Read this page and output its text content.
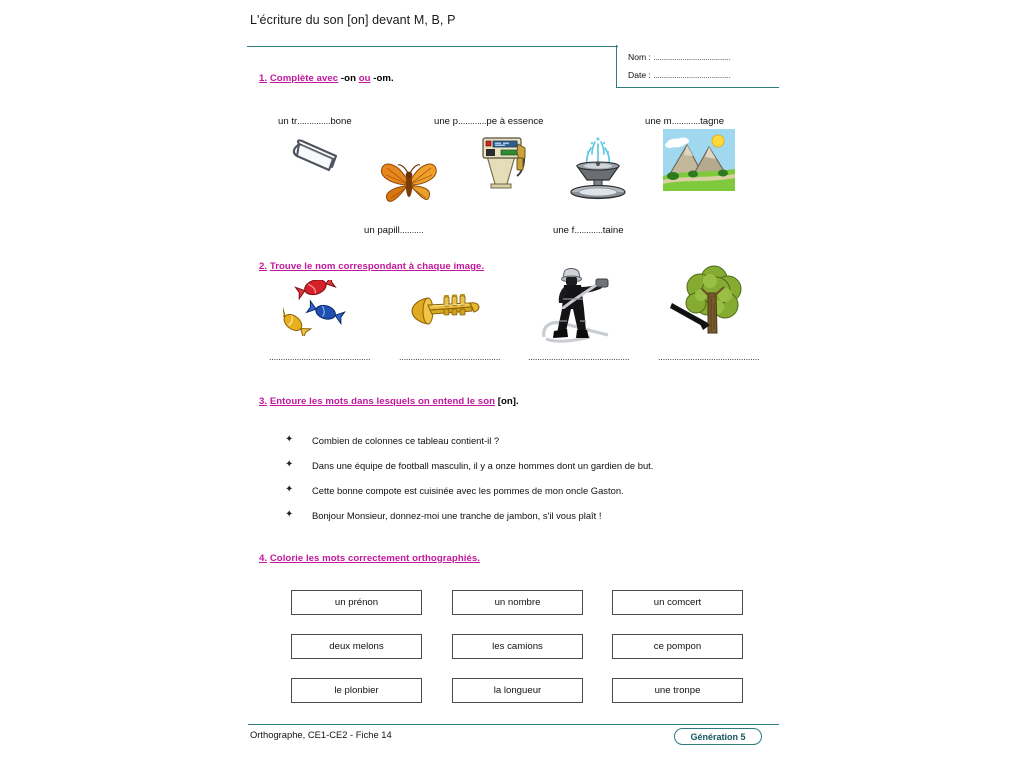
L'écriture du son [on] devant M, B, P
Nom : ........................................
Date : ........................................
1. Complète avec -on ou -om.
un tr..............bone	une p............pe à essence	une m............tagne
un papill..........	une f............taine
2. Trouve le nom correspondant à chaque image.
............................................	............................................	............................................	............................................
3. Entoure les mots dans lesquels on entend le son [on].
✦ Combien de colonnes ce tableau contient-il ?
✦ Dans une équipe de football masculin, il y a onze hommes dont un gardien de but.
✦ Cette bonne compote est cuisinée avec les pommes de mon oncle Gaston.
✦ Bonjour Monsieur, donnez-moi une tranche de jambon, s'il vous plaît !
4. Colorie les mots correctement orthographiés.
un prénon	un nombre	un comcert
deux melons	les camions	ce pompon
le plonbier	la longueur	une tronpe
Orthographe, CE1-CE2 - Fiche 14	Génération 5
